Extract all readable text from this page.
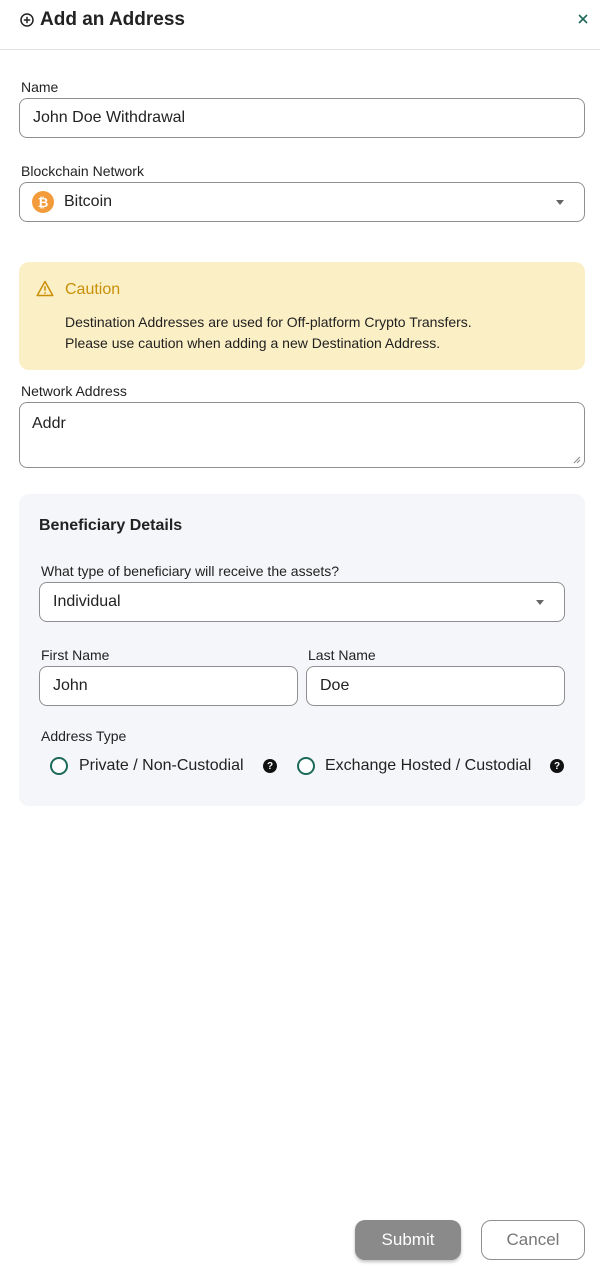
Add an Address
Name
John Doe Withdrawal
Blockchain Network
₿ Bitcoin
Caution
Destination Addresses are used for Off-platform Crypto Transfers.
Please use caution when adding a new Destination Address.
Network Address
Addr
Beneficiary Details
What type of beneficiary will receive the assets?
Individual
First Name
John
Last Name
Doe
Address Type
Private / Non-Custodial	?	Exchange Hosted / Custodial	?
Submit	Cancel
